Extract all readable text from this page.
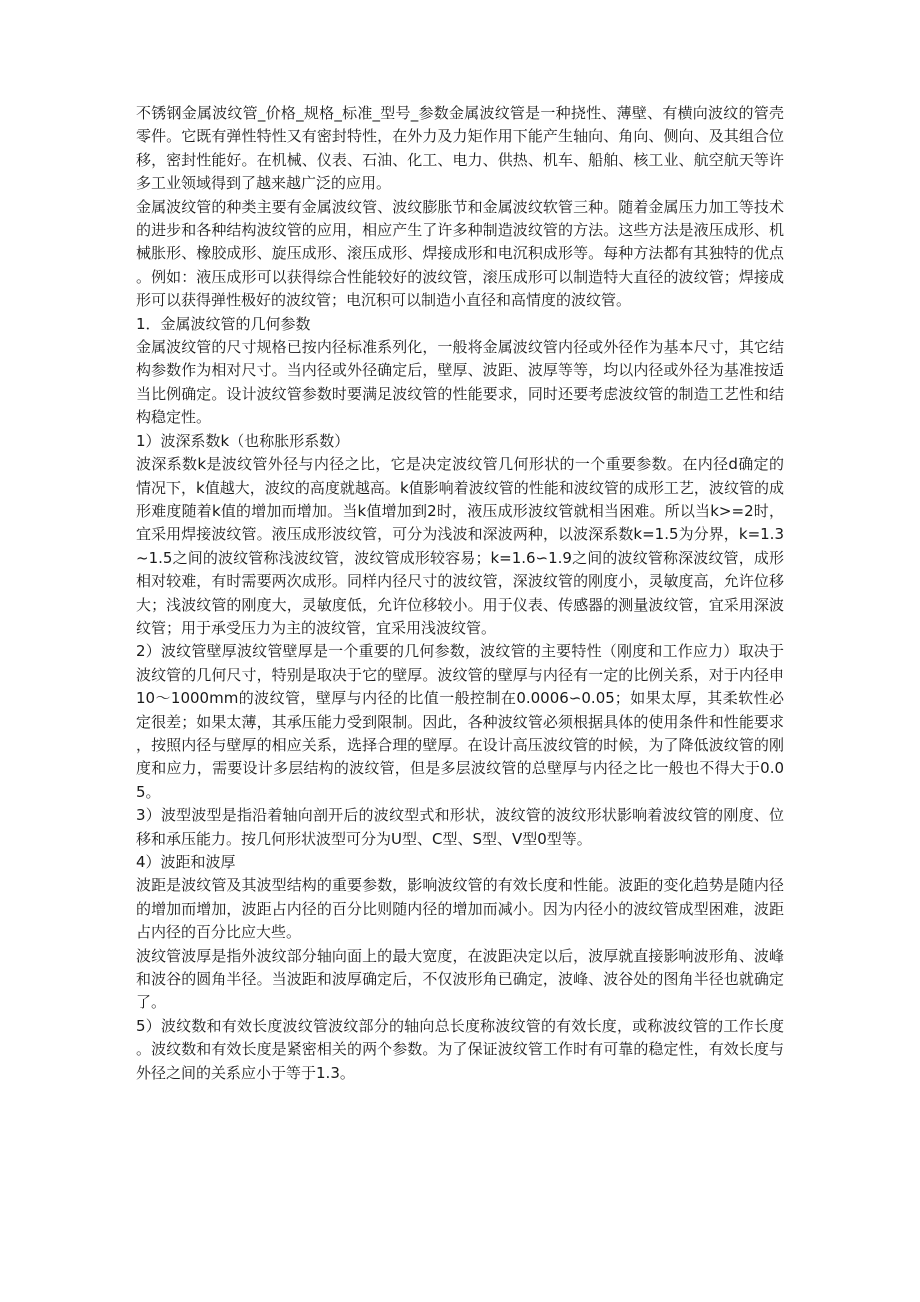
不锈钢金属波纹管_价格_规格_标准_型号_参数金属波纹管是一种挠性、薄壁、有横向波纹的管壳零件。它既有弹性特性又有密封特性，在外力及力矩作用下能产生轴向、角向、侧向、及其组合位移，密封性能好。在机械、仪表、石油、化工、电力、供热、机车、船舶、核工业、航空航天等许多工业领域得到了越来越广泛的应用。

金属波纹管的种类主要有金属波纹管、波纹膨胀节和金属波纹软管三种。随着金属压力加工等技术的进步和各种结构波纹管的应用，相应产生了许多种制造波纹管的方法。这些方法是液压成形、机械胀形、橡胶成形、旋压成形、滚压成形、焊接成形和电沉积成形等。每种方法都有其独特的优点。例如：液压成形可以获得综合性能较好的波纹管，滚压成形可以制造特大直径的波纹管；焊接成形可以获得弹性极好的波纹管；电沉积可以制造小直径和高情度的波纹管。

1．金属波纹管的几何参数

金属波纹管的尺寸规格已按内径标准系列化，一般将金属波纹管内径或外径作为基本尺寸，其它结构参数作为相对尺寸。当内径或外径确定后，壁厚、波距、波厚等等，均以内径或外径为基准按适当比例确定。设计波纹管参数时要满足波纹管的性能要求，同时还要考虑波纹管的制造工艺性和结构稳定性。

1）波深系数k（也称胀形系数）

波深系数k是波纹管外径与内径之比，它是决定波纹管几何形状的一个重要参数。在内径d确定的情况下，k值越大，波纹的高度就越高。k值影响着波纹管的性能和波纹管的成形工艺，波纹管的成形难度随着k值的增加而增加。当k值增加到2时，液压成形波纹管就相当困难。所以当k>=2时，宜采用焊接波纹管。液压成形波纹管，可分为浅波和深波两种，以波深系数k=1.5为分界，k=1.3~1.5之间的波纹管称浅波纹管，波纹管成形较容易；k=1.6∽1.9之间的波纹管称深波纹管，成形相对较难，有时需要两次成形。同样内径尺寸的波纹管，深波纹管的刚度小，灵敏度高，允许位移大；浅波纹管的刚度大，灵敏度低，允许位移较小。用于仪表、传感器的测量波纹管，宜采用深波纹管；用于承受压力为主的波纹管，宜采用浅波纹管。

2）波纹管壁厚波纹管壁厚是一个重要的几何参数，波纹管的主要特性（刚度和工作应力）取决于波纹管的几何尺寸，特别是取决于它的壁厚。波纹管的壁厚与内径有一定的比例关系，对于内径申10～1000mm的波纹管，壁厚与内径的比值一般控制在0.0006∽0.05；如果太厚，其柔软性必定很差；如果太薄，其承压能力受到限制。因此，各种波纹管必须根据具体的使用条件和性能要求，按照内径与壁厚的相应关系，选择合理的壁厚。在设计高压波纹管的时候，为了降低波纹管的刚度和应力，需要设计多层结构的波纹管，但是多层波纹管的总壁厚与内径之比一般也不得大于0.05。

3）波型波型是指沿着轴向剖开后的波纹型式和形状，波纹管的波纹形状影响着波纹管的刚度、位移和承压能力。按几何形状波型可分为U型、C型、S型、V型0型等。

4）波距和波厚

波距是波纹管及其波型结构的重要参数，影响波纹管的有效长度和性能。波距的变化趋势是随内径的增加而增加，波距占内径的百分比则随内径的增加而减小。因为内径小的波纹管成型困难，波距占内径的百分比应大些。

波纹管波厚是指外波纹部分轴向面上的最大宽度，在波距决定以后，波厚就直接影响波形角、波峰和波谷的圆角半径。当波距和波厚确定后，不仅波形角已确定，波峰、波谷处的图角半径也就确定了。

5）波纹数和有效长度波纹管波纹部分的轴向总长度称波纹管的有效长度，或称波纹管的工作长度。波纹数和有效长度是紧密相关的两个参数。为了保证波纹管工作时有可靠的稳定性，有效长度与外径之间的关系应小于等于1.3。
